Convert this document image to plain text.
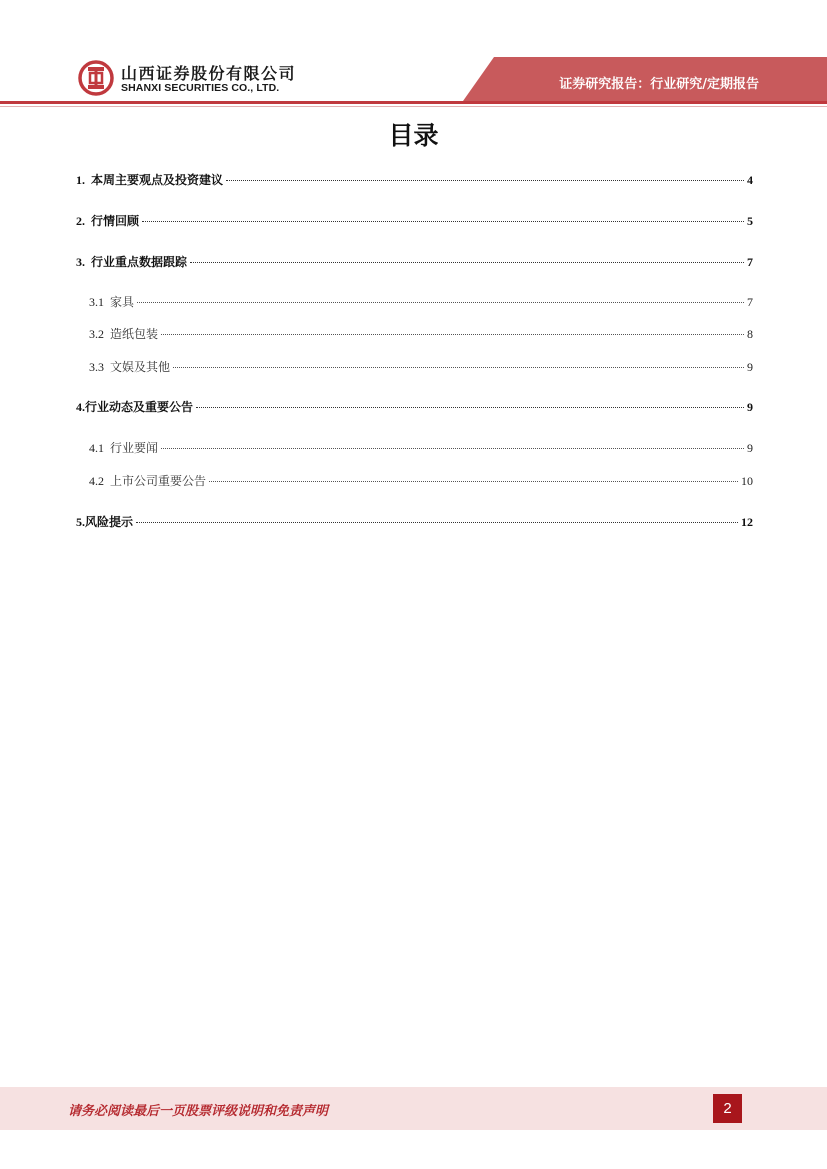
山西证券股份有限公司
SHANXI SECURITIES CO., LTD.	证券研究报告：行业研究/定期报告
目录
1. 本周主要观点及投资建议	4
2. 行情回顾	5
3. 行业重点数据跟踪	7
3.1 家具	7
3.2 造纸包装	8
3.3 文娱及其他	9
4. 行业动态及重要公告	9
4.1 行业要闻	9
4.2 上市公司重要公告	10
5. 风险提示	12
请务必阅读最后一页股票评级说明和免责声明	2
